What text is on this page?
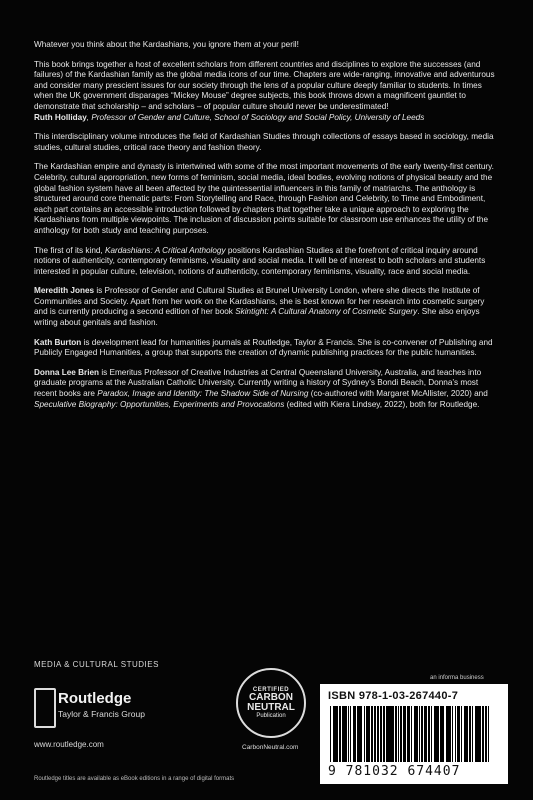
Whatever you think about the Kardashians, you ignore them at your peril!

This book brings together a host of excellent scholars from different countries and disciplines to explore the successes (and failures) of the Kardashian family as the global media icons of our time. Chapters are wide-ranging, innovative and adventurous and consider many prescient issues for our society through the lens of a popular culture deeply familiar to students. In times when the UK government disparages “Mickey Mouse” degree subjects, this book throws down a magnificent gauntlet to demonstrate that scholarship – and scholars – of popular culture should never be underestimated!
Ruth Holliday, Professor of Gender and Culture, School of Sociology and Social Policy, University of Leeds

This interdisciplinary volume introduces the field of Kardashian Studies through collections of essays based in sociology, media studies, cultural studies, critical race theory and fashion theory.

The Kardashian empire and dynasty is intertwined with some of the most important movements of the early twenty-first century. Celebrity, cultural appropriation, new forms of feminism, social media, ideal bodies, evolving notions of physical beauty and the global fashion system have all been affected by the quintessential influencers in this family of matriarchs. The anthology is structured around core thematic parts: From Storytelling and Race, through Fashion and Celebrity, to Time and Embodiment, each part contains an accessible introduction followed by chapters that together take a unique approach to exploring the Kardashians from multiple viewpoints. The inclusion of discussion points suitable for classroom use enhances the utility of the anthology for both study and teaching purposes.

The first of its kind, Kardashians: A Critical Anthology positions Kardashian Studies at the forefront of critical inquiry around notions of authenticity, contemporary feminisms, visuality and social media. It will be of interest to both scholars and students interested in popular culture, television, notions of authenticity, contemporary feminisms, visuality, race and social media.

Meredith Jones is Professor of Gender and Cultural Studies at Brunel University London, where she directs the Institute of Communities and Society. Apart from her work on the Kardashians, she is best known for her research into cosmetic surgery and is currently producing a second edition of her book Skintight: A Cultural Anatomy of Cosmetic Surgery. She also enjoys writing about genitals and fashion.

Kath Burton is development lead for humanities journals at Routledge, Taylor & Francis. She is co-convener of Publishing and Publicly Engaged Humanities, a group that supports the creation of dynamic publishing practices for the public humanities.

Donna Lee Brien is Emeritus Professor of Creative Industries at Central Queensland University, Australia, and teaches into graduate programs at the Australian Catholic University. Currently writing a history of Sydney’s Bondi Beach, Donna’s most recent books are Paradox, Image and Identity: The Shadow Side of Nursing (co-authored with Margaret McAllister, 2020) and Speculative Biography: Opportunities, Experiments and Provocations (edited with Kiera Lindsey, 2022), both for Routledge.

MEDIA & CULTURAL STUDIES
Routledge
Taylor & Francis Group
www.routledge.com
CERTIFIED
CARBON NEUTRAL
Publication
CarbonNeutral.com
an informa business
ISBN 978-1-03-267440-7
9 781032 674407
Routledge titles are available as eBook editions in a range of digital formats
